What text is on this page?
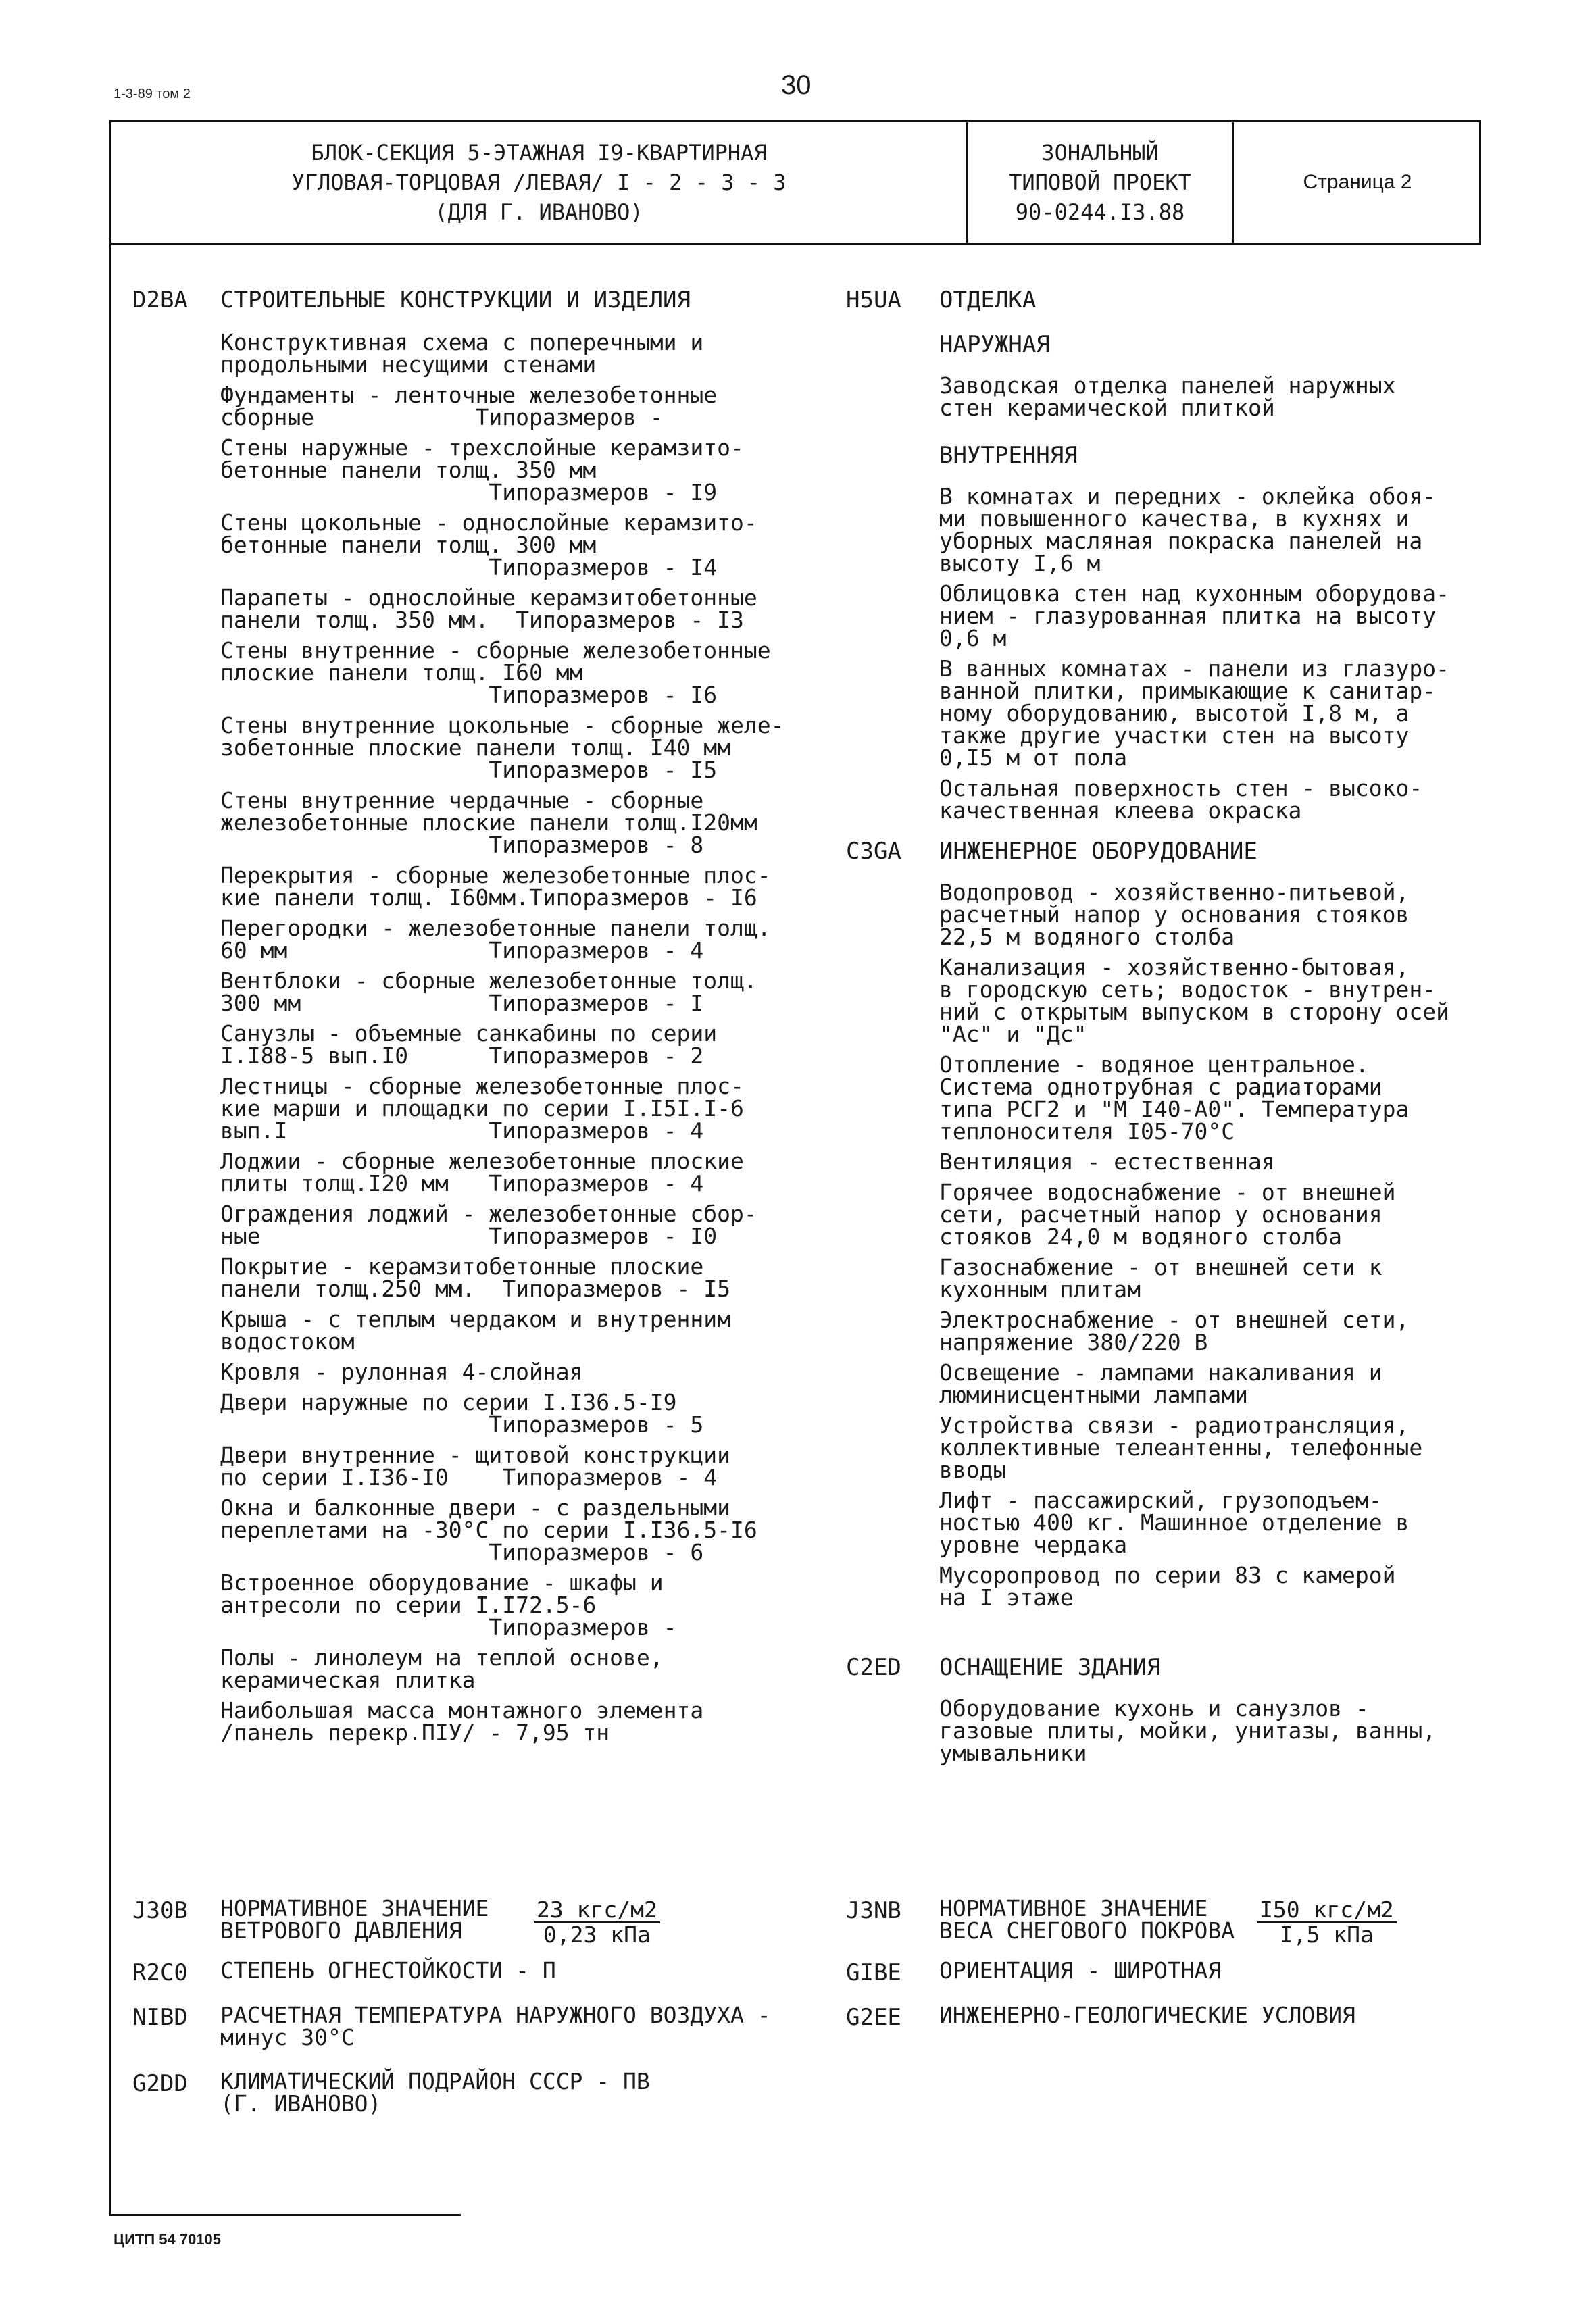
1-3-89 том 2	30
БЛОК-СЕКЦИЯ 5-ЭТАЖНАЯ I9-КВАРТИРНАЯ
УГЛОВАЯ-ТОРЦОВАЯ /ЛЕВАЯ/ I - 2 - 3 - 3
(ДЛЯ Г. ИВАНОВО)
ЗОНАЛЬНЫЙ
ТИПОВОЙ ПРОЕКТ
90-0244.I3.88
Страница 2
D2BA СТРОИТЕЛЬНЫЕ КОНСТРУКЦИИ И ИЗДЕЛИЯ
Конструктивная схема с поперечными и
продольными несущими стенами
Фундаменты - ленточные железобетонные
сборные            Типоразмеров -
Стены наружные - трехслойные керамзито-
бетонные панели толщ. 350 мм
Типоразмеров - I9
Стены цокольные - однослойные керамзито-
бетонные панели толщ. 300 мм
Типоразмеров - I4
Парапеты - однослойные керамзитобетонные
панели толщ. 350 мм.  Типоразмеров - I3
Стены внутренние - сборные железобетонные
плоские панели толщ. I60 мм
Типоразмеров - I6
Стены внутренние цокольные - сборные желе-
зобетонные плоские панели толщ. I40 мм
Типоразмеров - I5
Стены внутренние чердачные - сборные
железобетонные плоские панели толщ.I20мм
Типоразмеров - 8
Перекрытия - сборные железобетонные плос-
кие панели толщ. I60мм.Типоразмеров - I6
Перегородки - железобетонные панели толщ.
60 мм               Типоразмеров - 4
Вентблоки - сборные железобетонные толщ.
300 мм              Типоразмеров - I
Санузлы - объемные санкабины по серии
I.I88-5 вып.I0      Типоразмеров - 2
Лестницы - сборные железобетонные плос-
кие марши и площадки по серии I.I5I.I-6
вып.I               Типоразмеров - 4
Лоджии - сборные железобетонные плоские
плиты толщ.I20 мм   Типоразмеров - 4
Ограждения лоджий - железобетонные сбор-
ные                 Типоразмеров - I0
Покрытие - керамзитобетонные плоские
панели толщ.250 мм.  Типоразмеров - I5
Крыша - с теплым чердаком и внутренним
водостоком
Кровля - рулонная 4-слойная
Двери наружные по серии I.I36.5-I9
Типоразмеров - 5
Двери внутренние - щитовой конструкции
по серии I.I36-I0    Типоразмеров - 4
Окна и балконные двери - с раздельными
переплетами на -30°С по серии I.I36.5-I6
Типоразмеров - 6
Встроенное оборудование - шкафы и
антресоли по серии I.I72.5-6
Типоразмеров -
Полы - линолеум на теплой основе,
керамическая плитка
Наибольшая масса монтажного элемента
/панель перекр.ПIУ/ - 7,95 тн
H5UA ОТДЕЛКА
НАРУЖНАЯ
Заводская отделка панелей наружных
стен керамической плиткой
ВНУТРЕННЯЯ
В комнатах и передних - оклейка обоя-
ми повышенного качества, в кухнях и
уборных масляная покраска панелей на
высоту I,6 м
Облицовка стен над кухонным оборудова-
нием - глазурованная плитка на высоту
0,6 м
В ванных комнатах - панели из глазуро-
ванной плитки, примыкающие к санитар-
ному оборудованию, высотой I,8 м, а
также другие участки стен на высоту
0,I5 м от пола
Остальная поверхность стен - высоко-
качественная клеева окраска
C3GA ИНЖЕНЕРНОЕ ОБОРУДОВАНИЕ
Водопровод - хозяйственно-питьевой,
расчетный напор у основания стояков
22,5 м водяного столба
Канализация - хозяйственно-бытовая,
в городскую сеть; водосток - внутрен-
ний с открытым выпуском в сторону осей
"Ас" и "Дс"
Отопление - водяное центральное.
Система однотрубная с радиаторами
типа РСГ2 и "М I40-А0". Температура
теплоносителя I05-70°С
Вентиляция - естественная
Горячее водоснабжение - от внешней
сети, расчетный напор у основания
стояков 24,0 м водяного столба
Газоснабжение - от внешней сети к
кухонным плитам
Электроснабжение - от внешней сети,
напряжение 380/220 В
Освещение - лампами накаливания и
люминисцентными лампами
Устройства связи - радиотрансляция,
коллективные телеантенны, телефонные
вводы
Лифт - пассажирский, грузоподъем-
ностью 400 кг. Машинное отделение в
уровне чердака
Мусоропровод по серии 83 с камерой
на I этаже
C2ED ОСНАЩЕНИЕ ЗДАНИЯ
Оборудование кухонь и санузлов -
газовые плиты, мойки, унитазы, ванны,
умывальники
J30B НОРМАТИВНОЕ ЗНАЧЕНИЕ
ВЕТРОВОГО ДАВЛЕНИЯ
23 кгс/м2
0,23 кПа
R2C0 СТЕПЕНЬ ОГНЕСТОЙКОСТИ - П
NIBD РАСЧЕТНАЯ ТЕМПЕРАТУРА НАРУЖНОГО ВОЗДУХА -
минус 30°С
G2DD КЛИМАТИЧЕСКИЙ ПОДРАЙОН СССР - ПВ
(Г. ИВАНОВО)
J3NB НОРМАТИВНОЕ ЗНАЧЕНИЕ
ВЕСА СНЕГОВОГО ПОКРОВА
I50 кгс/м2
I,5 кПа
GIBE ОРИЕНТАЦИЯ - ШИРОТНАЯ
G2EE ИНЖЕНЕРНО-ГЕОЛОГИЧЕСКИЕ УСЛОВИЯ
ЦИТП 54 70105
